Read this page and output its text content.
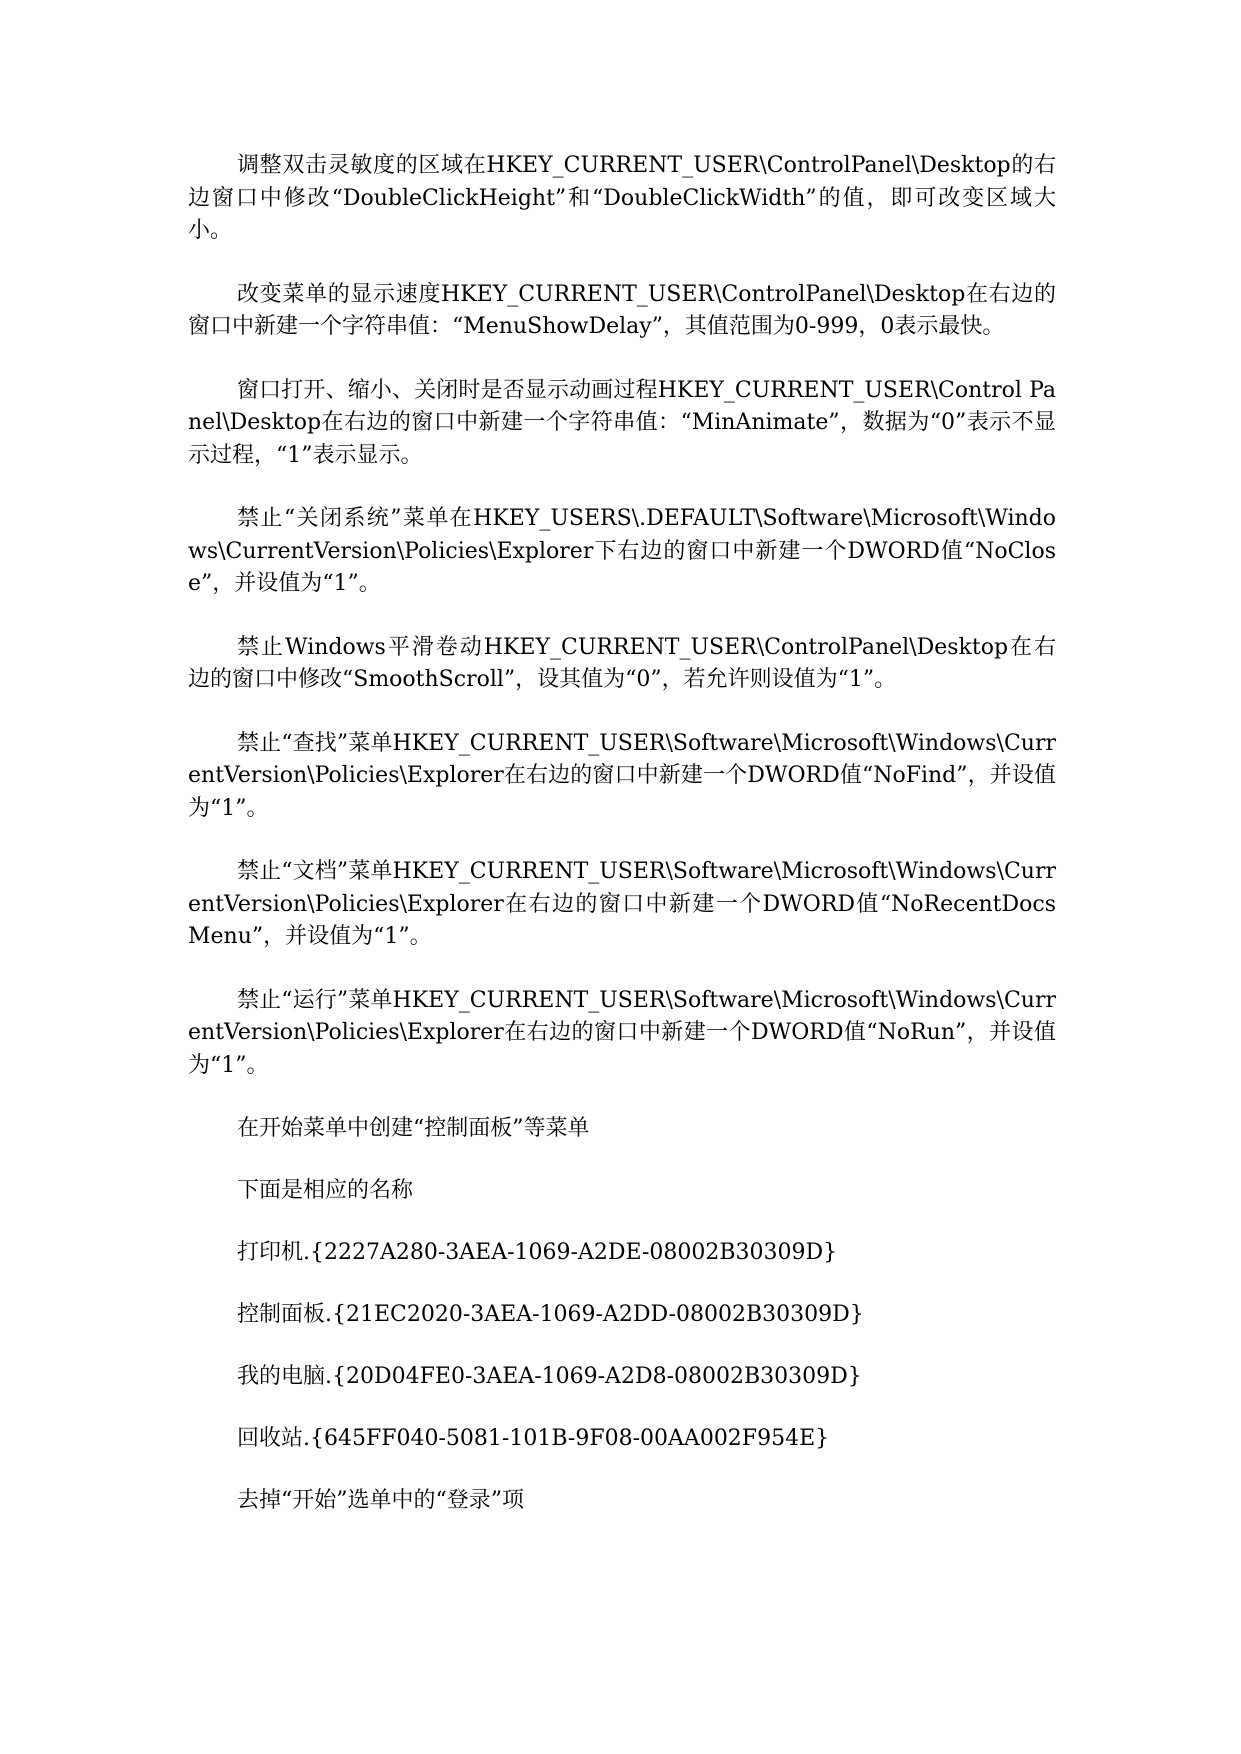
调整双击灵敏度的区域在HKEY_CURRENT_USER\ControlPanel\Desktop的右边窗口中修改“DoubleClickHeight”和“DoubleClickWidth”的值，即可改变区域大小。

改变菜单的显示速度HKEY_CURRENT_USER\ControlPanel\Desktop在右边的窗口中新建一个字符串值：“MenuShowDelay”，其值范围为0-999，0表示最快。

窗口打开、缩小、关闭时是否显示动画过程HKEY_CURRENT_USER\Control Panel\Desktop在右边的窗口中新建一个字符串值：“MinAnimate”，数据为“0”表示不显示过程，“1”表示显示。

禁止“关闭系统”菜单在HKEY_USERS\.DEFAULT\Software\Microsoft\Windows\CurrentVersion\Policies\Explorer下右边的窗口中新建一个DWORD值“NoClose”，并设值为“1”。

禁止Windows平滑卷动HKEY_CURRENT_USER\ControlPanel\Desktop在右边的窗口中修改“SmoothScroll”，设其值为“0”，若允许则设值为“1”。

禁止“查找”菜单HKEY_CURRENT_USER\Software\Microsoft\Windows\CurrentVersion\Policies\Explorer在右边的窗口中新建一个DWORD值“NoFind”，并设值为“1”。

禁止“文档”菜单HKEY_CURRENT_USER\Software\Microsoft\Windows\CurrentVersion\Policies\Explorer在右边的窗口中新建一个DWORD值“NoRecentDocsMenu”，并设值为“1”。

禁止“运行”菜单HKEY_CURRENT_USER\Software\Microsoft\Windows\CurrentVersion\Policies\Explorer在右边的窗口中新建一个DWORD值“NoRun”，并设值为“1”。

在开始菜单中创建“控制面板”等菜单
下面是相应的名称
打印机.{2227A280-3AEA-1069-A2DE-08002B30309D}
控制面板.{21EC2020-3AEA-1069-A2DD-08002B30309D}
我的电脑.{20D04FE0-3AEA-1069-A2D8-08002B30309D}
回收站.{645FF040-5081-101B-9F08-00AA002F954E}
去掉“开始”选单中的“登录”项
